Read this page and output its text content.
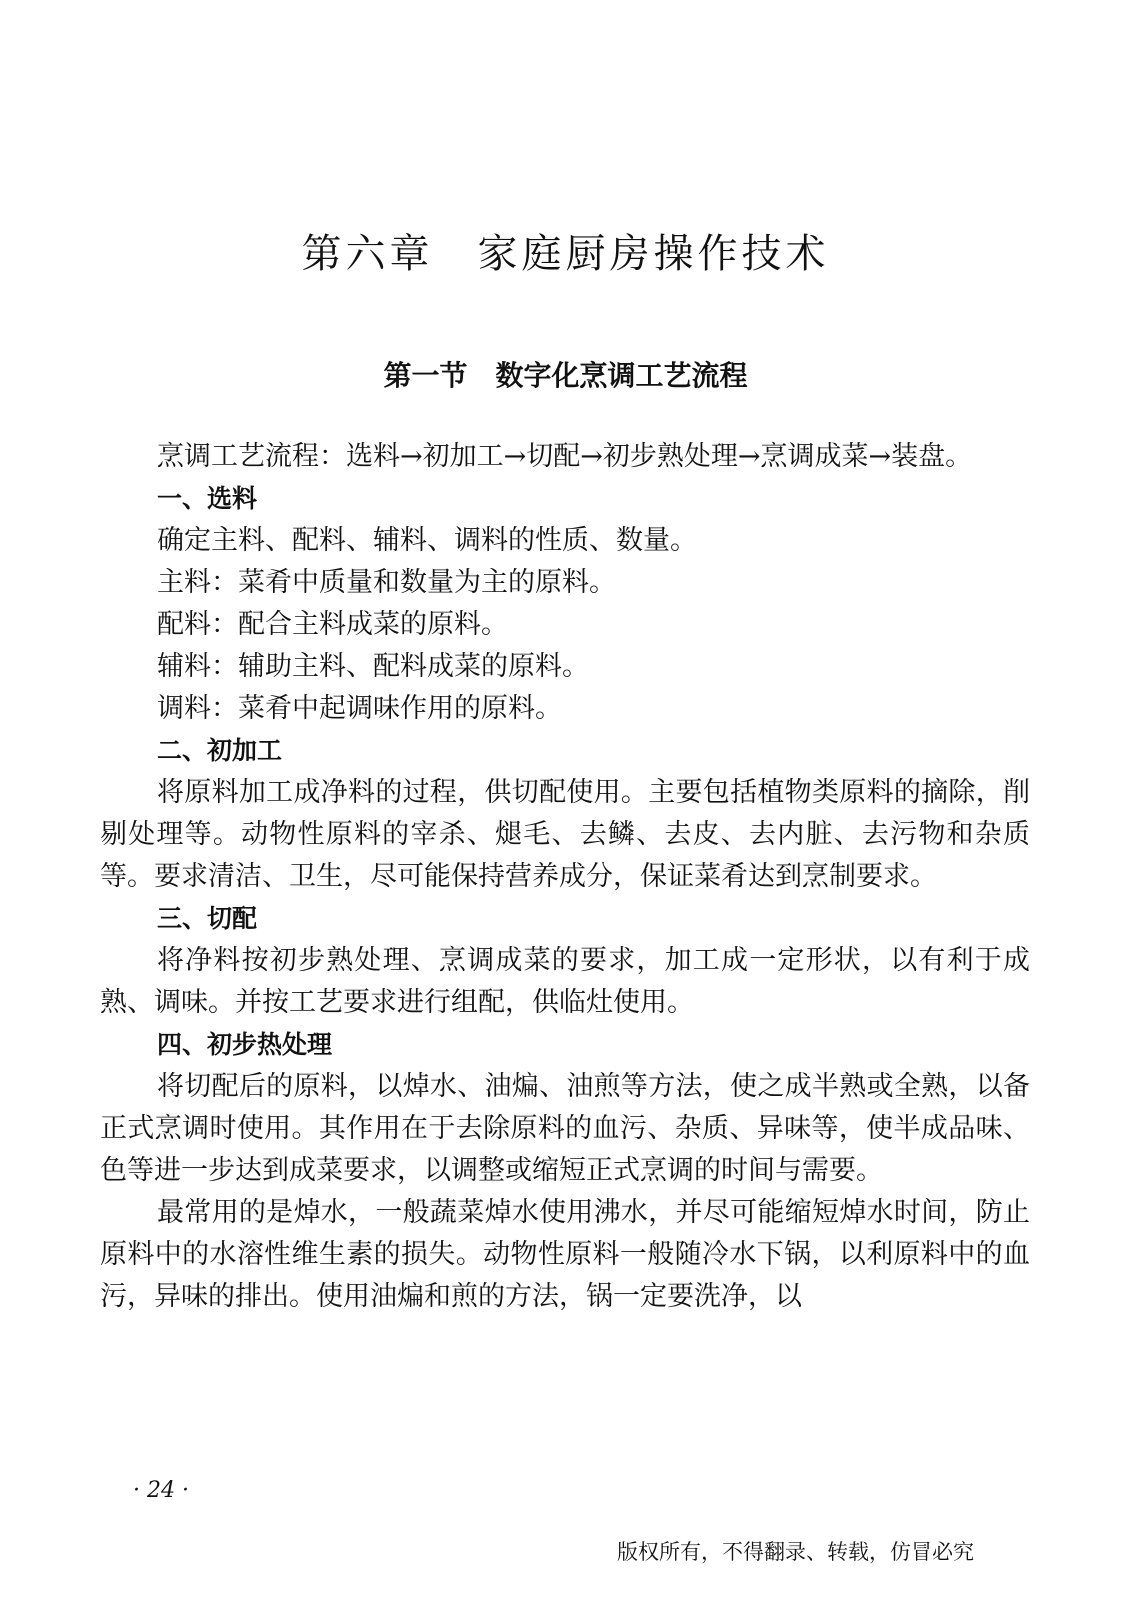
第六章　家庭厨房操作技术
第一节　数字化烹调工艺流程

烹调工艺流程：选料→初加工→切配→初步熟处理→烹调成菜→装盘。

一、选料

确定主料、配料、辅料、调料的性质、数量。

主料：菜肴中质量和数量为主的原料。

配料：配合主料成菜的原料。

辅料：辅助主料、配料成菜的原料。

调料：菜肴中起调味作用的原料。

二、初加工

将原料加工成净料的过程，供切配使用。主要包括植物类原料的摘除，削剔处理等。动物性原料的宰杀、煺毛、去鳞、去皮、去内脏、去污物和杂质等。要求清洁、卫生，尽可能保持营养成分，保证菜肴达到烹制要求。

三、切配

将净料按初步熟处理、烹调成菜的要求，加工成一定形状，以有利于成熟、调味。并按工艺要求进行组配，供临灶使用。

四、初步热处理

将切配后的原料，以焯水、油煸、油煎等方法，使之成半熟或全熟，以备正式烹调时使用。其作用在于去除原料的血污、杂质、异味等，使半成品味、色等进一步达到成菜要求，以调整或缩短正式烹调的时间与需要。

最常用的是焯水，一般蔬菜焯水使用沸水，并尽可能缩短焯水时间，防止原料中的水溶性维生素的损失。动物性原料一般随冷水下锅，以利原料中的血污，异味的排出。使用油煸和煎的方法，锅一定要洗净，以

· 24 ·
版权所有，不得翻录、转载，仿冒必究
